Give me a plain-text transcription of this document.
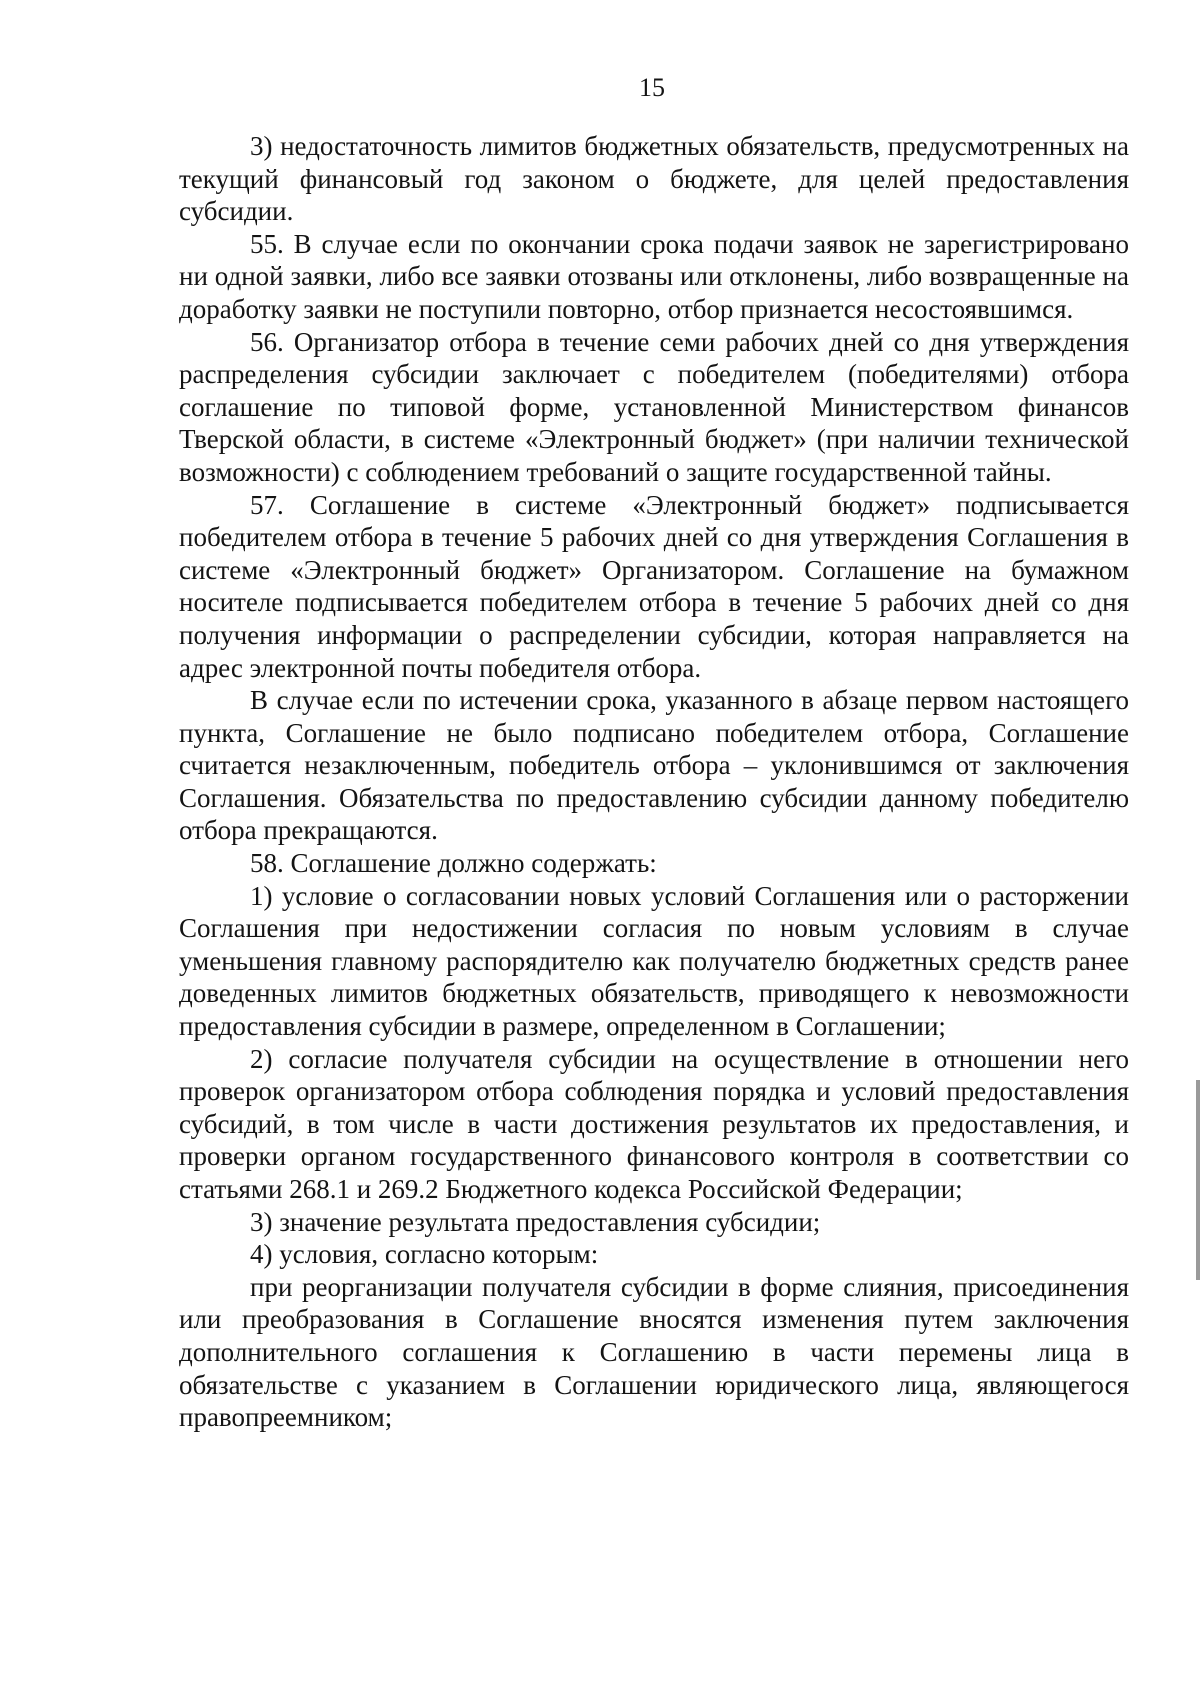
15

3) недостаточность лимитов бюджетных обязательств, предусмотренных на текущий финансовый год законом о бюджете, для целей предоставления субсидии.

55. В случае если по окончании срока подачи заявок не зарегистрировано ни одной заявки, либо все заявки отозваны или отклонены, либо возвращенные на доработку заявки не поступили повторно, отбор признается несостоявшимся.

56. Организатор отбора в течение семи рабочих дней со дня утверждения распределения субсидии заключает с победителем (победителями) отбора соглашение по типовой форме, установленной Министерством финансов Тверской области, в системе «Электронный бюджет» (при наличии технической возможности) с соблюдением требований о защите государственной тайны.

57. Соглашение в системе «Электронный бюджет» подписывается победителем отбора в течение 5 рабочих дней со дня утверждения Соглашения в системе «Электронный бюджет» Организатором. Соглашение на бумажном носителе подписывается победителем отбора в течение 5 рабочих дней со дня получения информации о распределении субсидии, которая направляется на адрес электронной почты победителя отбора.

В случае если по истечении срока, указанного в абзаце первом настоящего пункта, Соглашение не было подписано победителем отбора, Соглашение считается незаключенным, победитель отбора – уклонившимся от заключения Соглашения. Обязательства по предоставлению субсидии данному победителю отбора прекращаются.

58. Соглашение должно содержать:

1) условие о согласовании новых условий Соглашения или о расторжении Соглашения при недостижении согласия по новым условиям в случае уменьшения главному распорядителю как получателю бюджетных средств ранее доведенных лимитов бюджетных обязательств, приводящего к невозможности предоставления субсидии в размере, определенном в Соглашении;

2) согласие получателя субсидии на осуществление в отношении него проверок организатором отбора соблюдения порядка и условий предоставления субсидий, в том числе в части достижения результатов их предоставления, и проверки органом государственного финансового контроля в соответствии со статьями 268.1 и 269.2 Бюджетного кодекса Российской Федерации;

3) значение результата предоставления субсидии;

4) условия, согласно которым:

при реорганизации получателя субсидии в форме слияния, присоединения или преобразования в Соглашение вносятся изменения путем заключения дополнительного соглашения к Соглашению в части перемены лица в обязательстве с указанием в Соглашении юридического лица, являющегося правопреемником;
